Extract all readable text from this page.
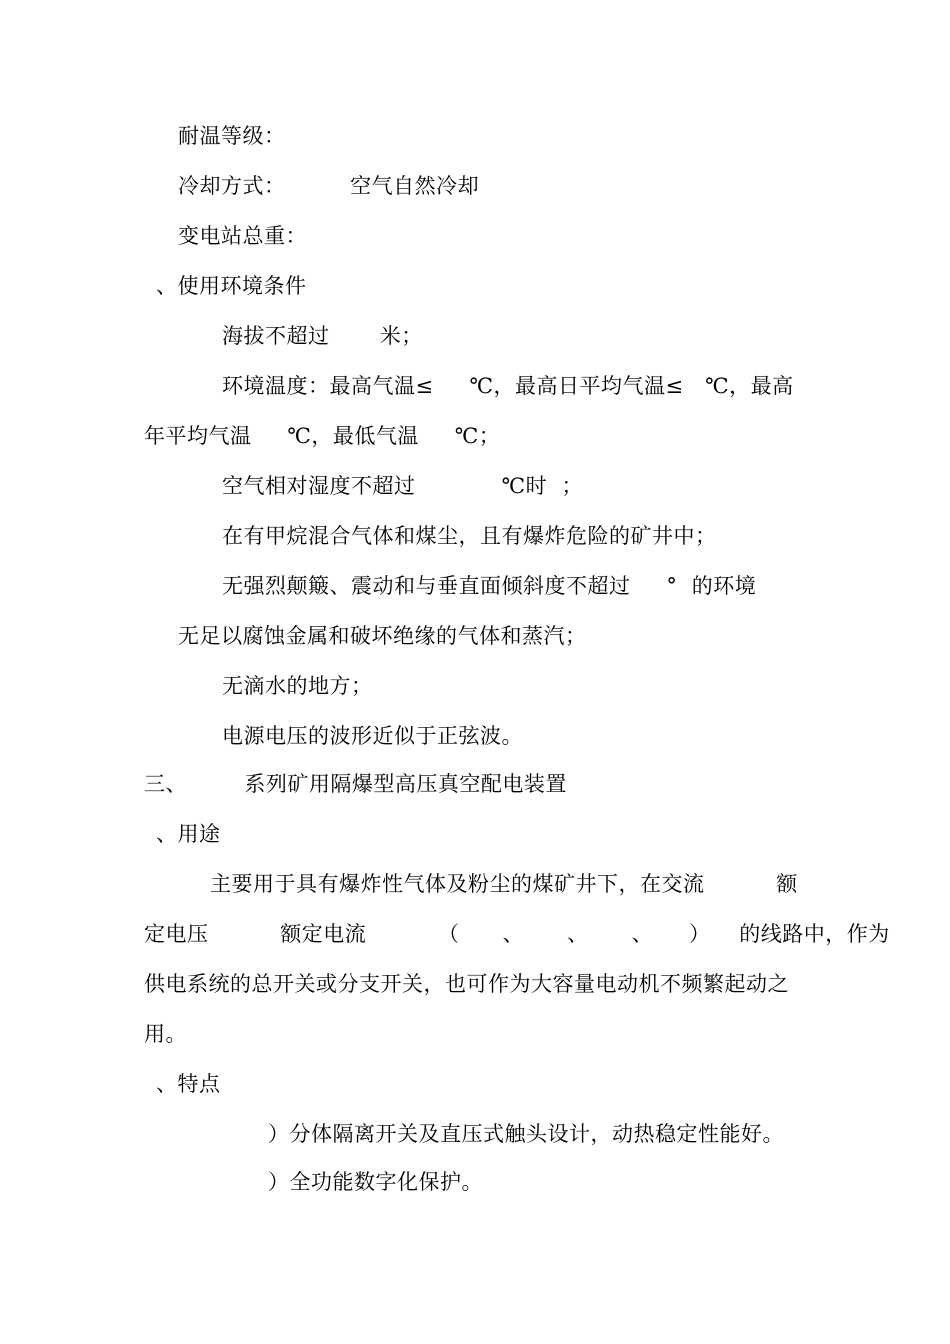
耐温等级：
冷却方式：         空气自然冷却
变电站总重：
、使用环境条件
海拔不超过       米；
环境温度：最高气温≤     ℃，最高日平均气温≤   ℃，最高
年平均气温     ℃，最低气温     ℃；
空气相对湿度不超过            ℃时  ；
在有甲烷混合气体和煤尘，且有爆炸危险的矿井中；
无强烈颠簸、震动和与垂直面倾斜度不超过     °  的环境
无足以腐蚀金属和破坏绝缘的气体和蒸汽；
无滴水的地方；
电源电压的波形近似于正弦波。
三、        系列矿用隔爆型高压真空配电装置
、用途
主要用于具有爆炸性气体及粉尘的煤矿井下，在交流          额
定电压          额定电流          （      、      、      、     ）    的线路中，作为
供电系统的总开关或分支开关，也可作为大容量电动机不频繁起动之
用。
、特点
）分体隔离开关及直压式触头设计，动热稳定性能好。
）全功能数字化保护。
